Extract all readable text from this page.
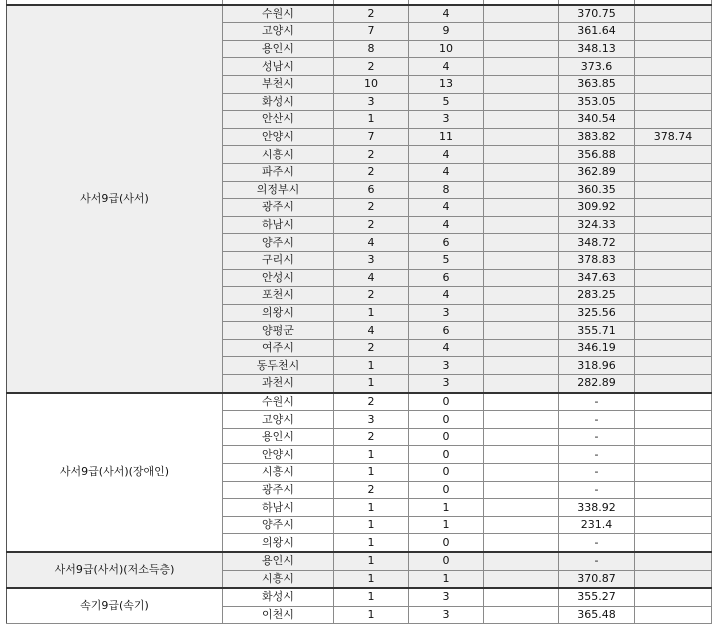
사서9급(사서)	수원시	2	4		370.75	
	고양시	7	9		361.64	
	용인시	8	10		348.13	
	성남시	2	4		373.6	
	부천시	10	13		363.85	
	화성시	3	5		353.05	
	안산시	1	3		340.54	
	안양시	7	11		383.82	378.74
	시흥시	2	4		356.88	
	파주시	2	4		362.89	
	의정부시	6	8		360.35	
	광주시	2	4		309.92	
	하남시	2	4		324.33	
	양주시	4	6		348.72	
	구리시	3	5		378.83	
	안성시	4	6		347.63	
	포천시	2	4		283.25	
	의왕시	1	3		325.56	
	양평군	4	6		355.71	
	여주시	2	4		346.19	
	동두천시	1	3		318.96	
	과천시	1	3		282.89	
사서9급(사서)(장애인)	수원시	2	0		-	
	고양시	3	0		-	
	용인시	2	0		-	
	안양시	1	0		-	
	시흥시	1	0		-	
	광주시	2	0		-	
	하남시	1	1		338.92	
	양주시	1	1		231.4	
	의왕시	1	0		-	
사서9급(사서)(저소득층)	용인시	1	0		-	
	시흥시	1	1		370.87	
속기9급(속기)	화성시	1	3		355.27	
	이천시	1	3		365.48	
